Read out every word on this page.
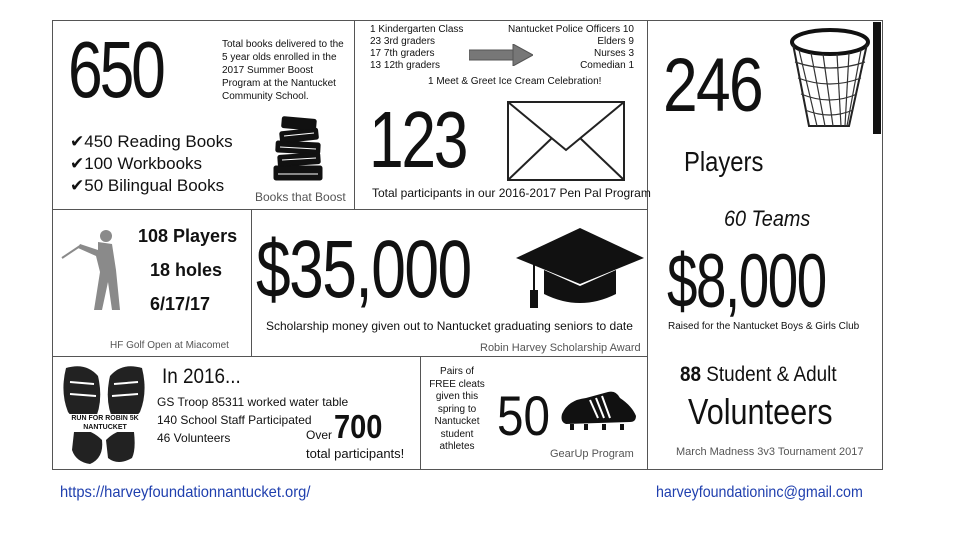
650	Total books delivered to the 5 year olds enrolled in the 2017 Summer Boost Program at the Nantucket Community School.
✔450 Reading Books
✔100 Workbooks
✔50 Bilingual Books
Books that Boost
1 Kindergarten Class
23 3rd graders
17 7th graders
13 12th graders
Nantucket Police Officers 10
Elders 9
Nurses 3
Comedian 1
1 Meet & Greet Ice Cream Celebration!
123
Total participants in our 2016-2017 Pen Pal Program
246
Players
60 Teams
$8,000
Raised for the Nantucket Boys & Girls Club
108 Players
18 holes
6/17/17
HF Golf Open at Miacomet
$35,000
Scholarship money given out to Nantucket graduating seniors to date
Robin Harvey Scholarship Award
RUN FOR ROBIN 5K NANTUCKET
In 2016...
GS Troop 85311 worked water table
140 School Staff Participated
46 Volunteers	Over 700
total participants!
Pairs of FREE cleats given this spring to Nantucket student athletes 50
GearUp Program
88 Student & Adult
Volunteers
March Madness 3v3 Tournament 2017
https://harveyfoundationnantucket.org/	harveyfoundationinc@gmail.com
